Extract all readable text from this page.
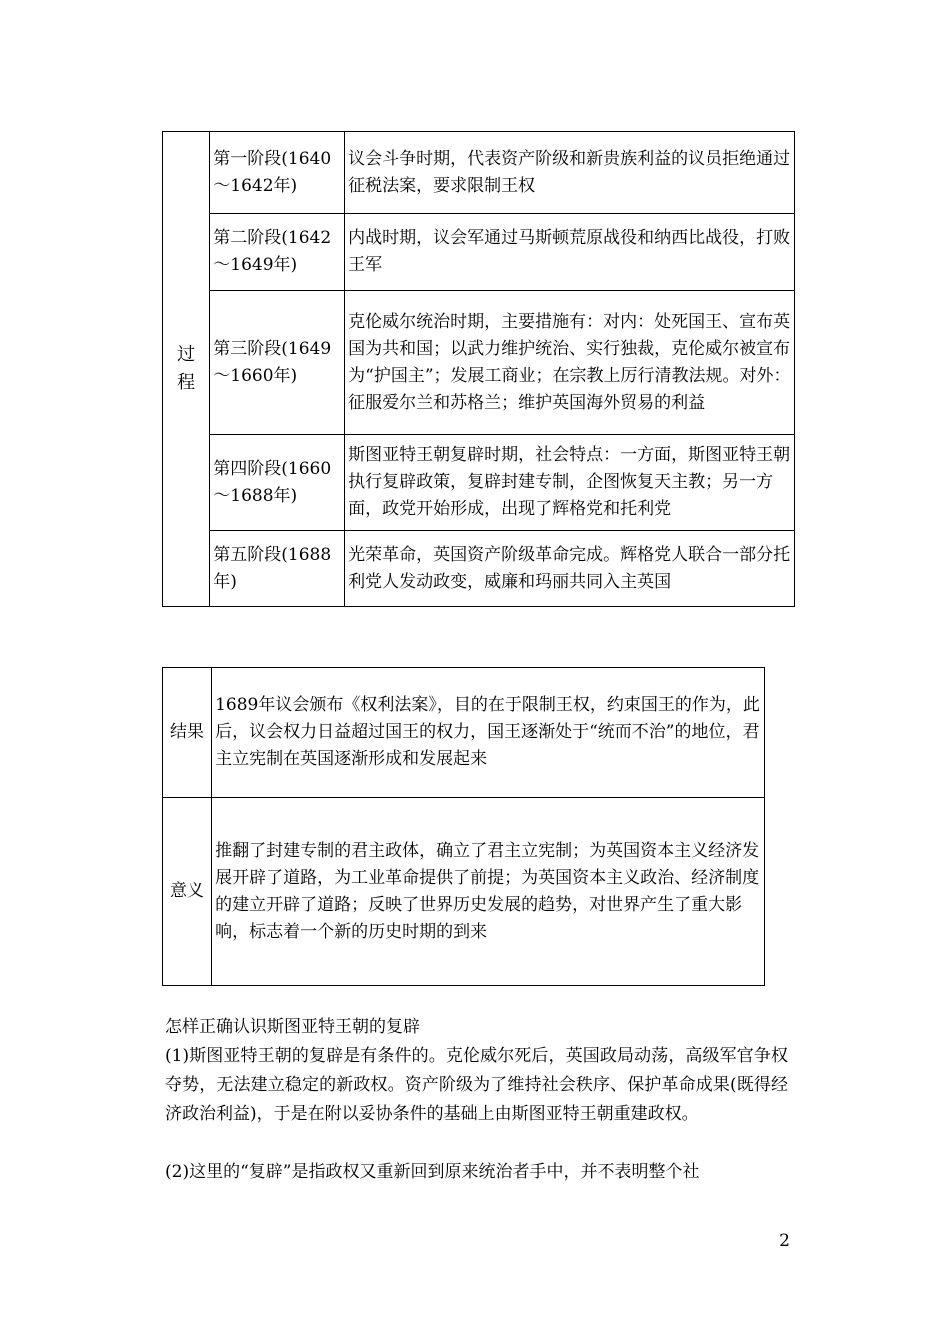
过
程	第一阶段(1640～1642年)	议会斗争时期，代表资产阶级和新贵族利益的议员拒绝通过征税法案，要求限制王权
	第二阶段(1642～1649年)	内战时期，议会军通过马斯顿荒原战役和纳西比战役，打败王军
	第三阶段(1649～1660年)	克伦威尔统治时期，主要措施有：对内：处死国王、宣布英国为共和国；以武力维护统治、实行独裁，克伦威尔被宣布为“护国主”；发展工商业；在宗教上厉行清教法规。对外：征服爱尔兰和苏格兰；维护英国海外贸易的利益
	第四阶段(1660～1688年)	斯图亚特王朝复辟时期，社会特点：一方面，斯图亚特王朝执行复辟政策，复辟封建专制，企图恢复天主教；另一方面，政党开始形成，出现了辉格党和托利党
	第五阶段(1688年)	光荣革命，英国资产阶级革命完成。辉格党人联合一部分托利党人发动政变，威廉和玛丽共同入主英国
结果	1689年议会颁布《权利法案》，目的在于限制王权，约束国王的作为，此后，议会权力日益超过国王的权力，国王逐渐处于“统而不治”的地位，君主立宪制在英国逐渐形成和发展起来
意义	推翻了封建专制的君主政体，确立了君主立宪制；为英国资本主义经济发展开辟了道路，为工业革命提供了前提；为英国资本主义政治、经济制度的建立开辟了道路；反映了世界历史发展的趋势，对世界产生了重大影响，标志着一个新的历史时期的到来
怎样正确认识斯图亚特王朝的复辟
(1)斯图亚特王朝的复辟是有条件的。克伦威尔死后，英国政局动荡，高级军官争权夺势，无法建立稳定的新政权。资产阶级为了维持社会秩序、保护革命成果(既得经济政治利益)，于是在附以妥协条件的基础上由斯图亚特王朝重建政权。
(2)这里的“复辟”是指政权又重新回到原来统治者手中，并不表明整个社
2
